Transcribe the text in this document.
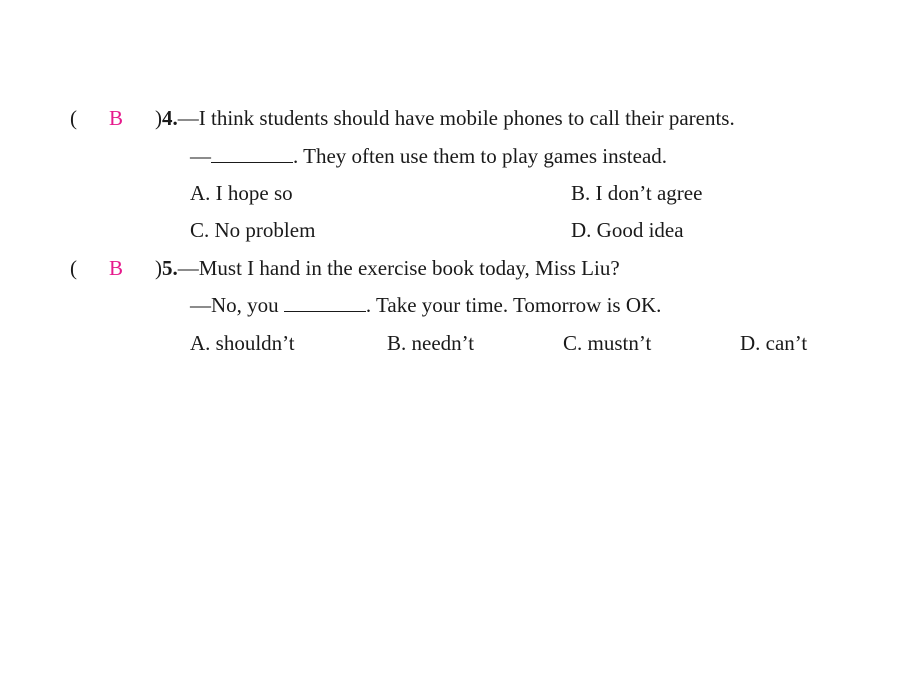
( B )4.—I think students should have mobile phones to call their parents.
—	. They often use them to play games instead.
A. I hope so	B. I don’t agree
C. No problem	D. Good idea
( B )5.—Must I hand in the exercise book today, Miss Liu?
—No, you	. Take your time. Tomorrow is OK.
A. shouldn’t	B. needn’t	C. mustn’t	D. can’t
